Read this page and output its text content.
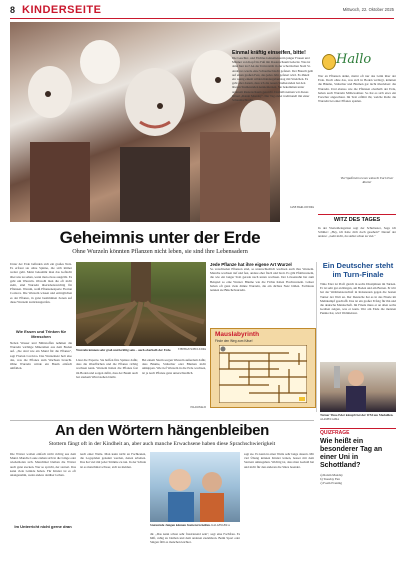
8 KINDERSEITE	Mittwoch, 22. Oktober 2025
Einmal kräftig einseifen, bitte!
Die Geschirr- und Fächler-Gästemeisterin junger Frauen und Männer von Kopf bis Fuß mit Rasierschaum bedeckt. Was ist denn hier los? An der Universität in der schottischen Stadt St. Andrews wurde eine Schaumschlacht gefeiert. Der Brauch geht auf einen großen Fest, das jedes Jahr gefeiert wird. Es ähnelt ein wenig einem wilden Kindergeburtstag mit Streichen. Es geht aber darum, dass ich die neuen Studierenden bei den älteren Studierenden kennenlernen. Sie bekommen unter anderem Rasierschaum gereicht. Deshalb nennen wir dieses Ritual „Raisin Monday". Der Tag endet traditionell mit einer Schaumschlacht.
JANE BARLOW/DPA
Hallo
Wer an Pflanzen denkt, meint oft nur das Grün über der Erde. Doch ohne das, was sich in Boden verbirgt, könnten die Bäume, Sträucher und Blumen gar nicht überleben: die Wurzeln. Und ebenso wie die Pflanzen oberhalb der Erde, haben auch Wurzeln Mitbewohner. So hat es sich etwa ein Forscher angeschaut. Im Text erfährt ihr, welche Rolle die Wurzeln bei einer Pflanze spielen.
Viel Spaß beim Lesen wünscht Euch Euer Rocker
WITZ DES TAGES
In der Vierteldelegation sagt der Schultester, Saga ich Schüler: „Hey, ich habe dich doch gesehen!" Darauf der andere: „Geht nicht, du siehst schon zu viel."
Geheimnis unter der Erde
Ohne Wurzeln könnten Pflanzen nicht leben, sie sind ihre Lebensadern
Unter der Erde befinden sich ein großes Netz. Es erfreut sie ohne Spinne, die sich immer weiter geht. Meist bekommt man das Geflecht über uns zu sehen, wenn man etwas ausgräbt. Es geht um Wurzeln. Obwohl man die oft nicht sieht, sind Wurzeln überlebenswichtig für Pflanzen. Warum, weiß Pflanzenexperte Florian Cordova. Die Wurzeln wissen und ermöglichen es der Pflanze, in ganz bestimmten Zonen auf diese Wurzeln zurückzugreifen.
Wie Essen und Trinken für Menschen
Neben Wasser und Nährstoffen nehmen die Wurzeln wichtige Mineralien aus dem Boden auf. „Sie sind wie ein Mund für die Pflanze", sagt Florian Cordova. Das Wurzelnetz holt also das, was die Pflanze zum Wachsen braucht. Ohne Wurzeln würde ein Baum einfach umfallen.
Wurzeln können sehr groß und kräftig sein – auch oberhalb der Erde.	STEPHAN SCHULZ/DPA
Lässt die Experte. Sie hoffen fürs Spätere dafür, dass die Oberflächen und die Pflanze richtig wachsen kann. Wurzeln halten die Pflanze fest im Boden und sorgen dafür, dass der Baum auch bei starkem Wind stehen bleibt.
Bei einem Sturm sorgen Wurzeln außerdem dafür, dass Bäume, Sträucher oder Blumen nicht umkippen. Wie tief Wurzeln in die Erde wachsen, ist je nach Pflanze ganz unterschiedlich.
Jede Pflanze hat ihre eigene Art Wurzel
So verschieden Pflanzen sind, so unterschiedlich wachsen auch ihre Wurzeln. Manche wachsen tief und fest, andere eher flach und breit. Es gibt Pfahlwurzeln, die wie ein langer Stab gerade nach unten wachsen. Der Löwenzahn hat zum Beispiel so eine Wurzel. Bäume wie die Fichte haben Flachwurzeln. Gräser haben oft ganz viele dünne Wurzeln, die ein dichtes Netz bilden. Fachleute nennen sie Büschelwurzeln.
Mauslabyrinth
Finde den Weg zum Käse!
PIA RONALD
Ein Deutscher steht im Turn-Finale
Timo Eder ist Profi gleich in sechs Disziplinen im Turnen. Er ist sehr gut an Ringen, am Boden und am Barren. Er tritt bei der Weltmeisterschaft in Indonesien gegen die besten Turner der Welt an. Der Deutsche hat es in das Finale im Mehrkampf geschafft. Das ist ein großer Erfolg für ihn und die deutsche Mannschaft. Im Finale muss er an allen sechs Geräten zeigen, was er kann. Wer am Ende die meisten Punkte hat, wird Weltmeister.
Turner Timo Eder kämpft bei der WM um Medaillen. ALAMEX/AURA
QUIZFRAGE
Wie heißt ein besonderer Tag an einer Uni in Schottland?
a) Raisin Monday
b) Tuesday Fun
c) Foam Evening
An den Wörtern hängenbleiben
Stottern fängt oft in der Kindheit an, aber auch manche Erwachsene haben diese Sprachschwierigkeit
Die Wörter wollen einfach nicht richtig aus dem Mund. Manche Laute ziehen sich in die Länge oder wiederholen sich. Manchmal bleiben die Wörter auch ganz stecken. Wer so spricht, der stottert. Das kann viele Gründe haben. Für Kinder ist es oft unangenehm, wenn andere darüber lachen.
Im Unterricht nicht gerne dran
nach einer Weile. Man kann nicht an Fachleuten, die Logopäden genannt werden, denen arbeiten. Das hat viel mit jeder Stimme zu tun. In der Schule ist es manchmal schwer, sich zu melden.
Stotternde Jungen können Stotterern helfen. KALAENGER/A
dir. „Das kann schon sehr frustrierend sein", sagt eine Fachfrau. Es hilft, ruhig zu bleiben und dem anderen zuzuhören. Beim Sport oder Singen fällt es manchen leichter.
sagt sie. Es kann in einer Weile sehr lange dauern. Mit viel Übung können Kinder lernen, besser mit dem Stottern umzugehen. Wichtig ist, dass man Geduld hat und nicht für den anderen die Sätze beendet.
